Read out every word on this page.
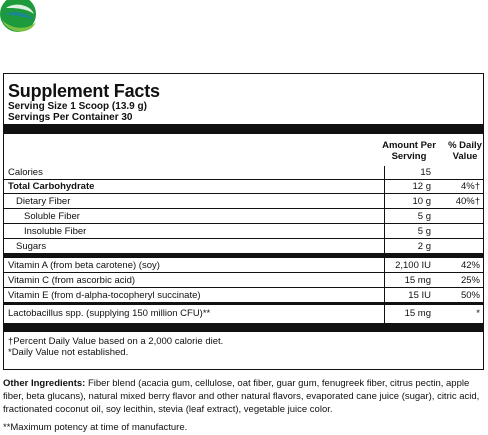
Supplement Facts
Serving Size 1 Scoop (13.9 g)
Servings Per Container 30
Amount Per
Serving
% Daily
Value
Calories	15
Total Carbohydrate	12 g	4%†
Dietary Fiber	10 g	40%†
Soluble Fiber	5 g
Insoluble Fiber	5 g
Sugars	2 g
Vitamin A (from beta carotene) (soy)	2,100 IU	42%
Vitamin C (from ascorbic acid)	15 mg	25%
Vitamin E (from d-alpha-tocopheryl succinate)	15 IU	50%
Lactobacillus spp. (supplying 150 million CFU)**	15 mg	*
†Percent Daily Value based on a 2,000 calorie diet.
*Daily Value not established.
Other Ingredients: Fiber blend (acacia gum, cellulose, oat fiber, guar gum, fenugreek fiber, citrus pectin, apple fiber, beta glucans), natural mixed berry flavor and other natural flavors, evaporated cane juice (sugar), citric acid, fractionated coconut oil, soy lecithin, stevia (leaf extract), vegetable juice color.
**Maximum potency at time of manufacture.
